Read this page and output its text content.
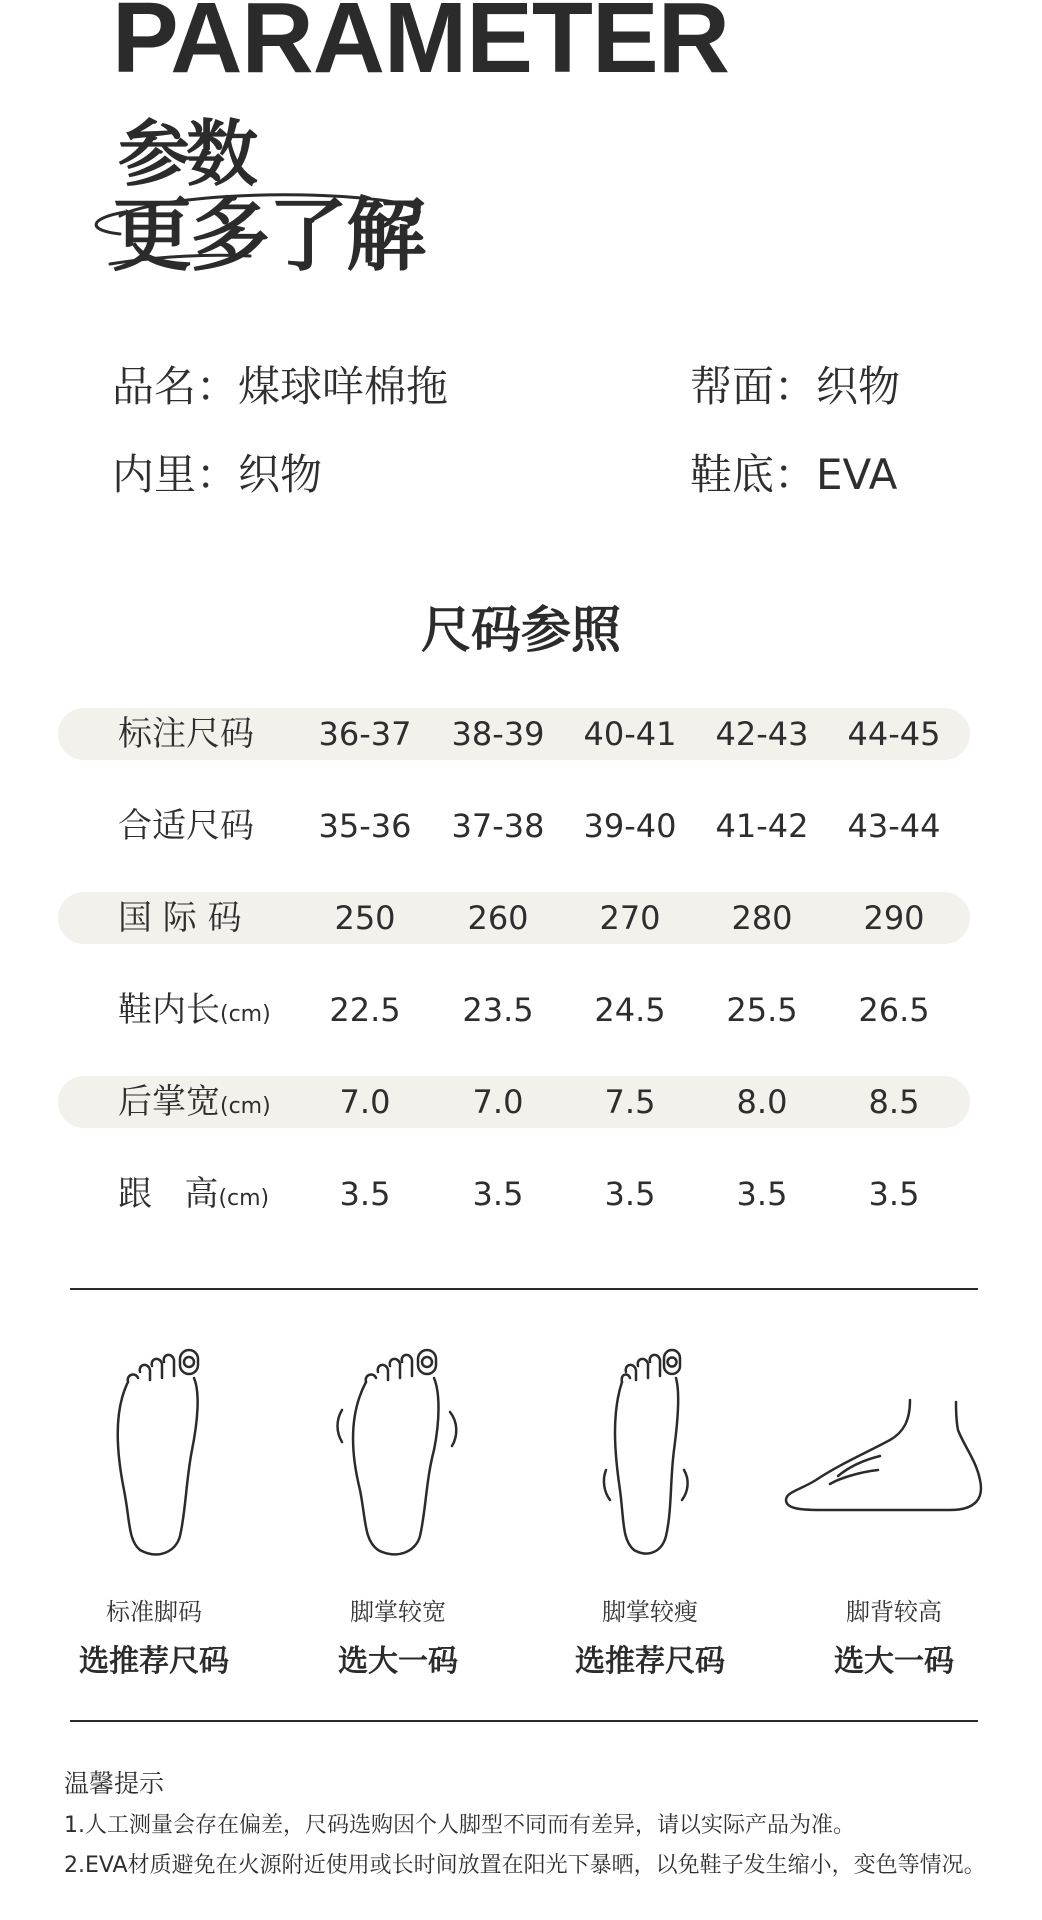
PARAMETER
参数
更多了解
品名：煤球咩棉拖	帮面：织物
内里：织物	鞋底：EVA
尺码参照
标注尺码	36-37	38-39	40-41	42-43	44-45
合适尺码	35-36	37-38	39-40	41-42	43-44
国 际 码	250	260	270	280	290
鞋内长(cm)	22.5	23.5	24.5	25.5	26.5
后掌宽(cm)	7.0	7.0	7.5	8.0	8.5
跟   高(cm)	3.5	3.5	3.5	3.5	3.5
标准脚码
选推荐尺码
脚掌较宽
选大一码
脚掌较瘦
选推荐尺码
脚背较高
选大一码
温馨提示
1.人工测量会存在偏差，尺码选购因个人脚型不同而有差异，请以实际产品为准。
2.EVA材质避免在火源附近使用或长时间放置在阳光下暴晒，以免鞋子发生缩小，变色等情况。
